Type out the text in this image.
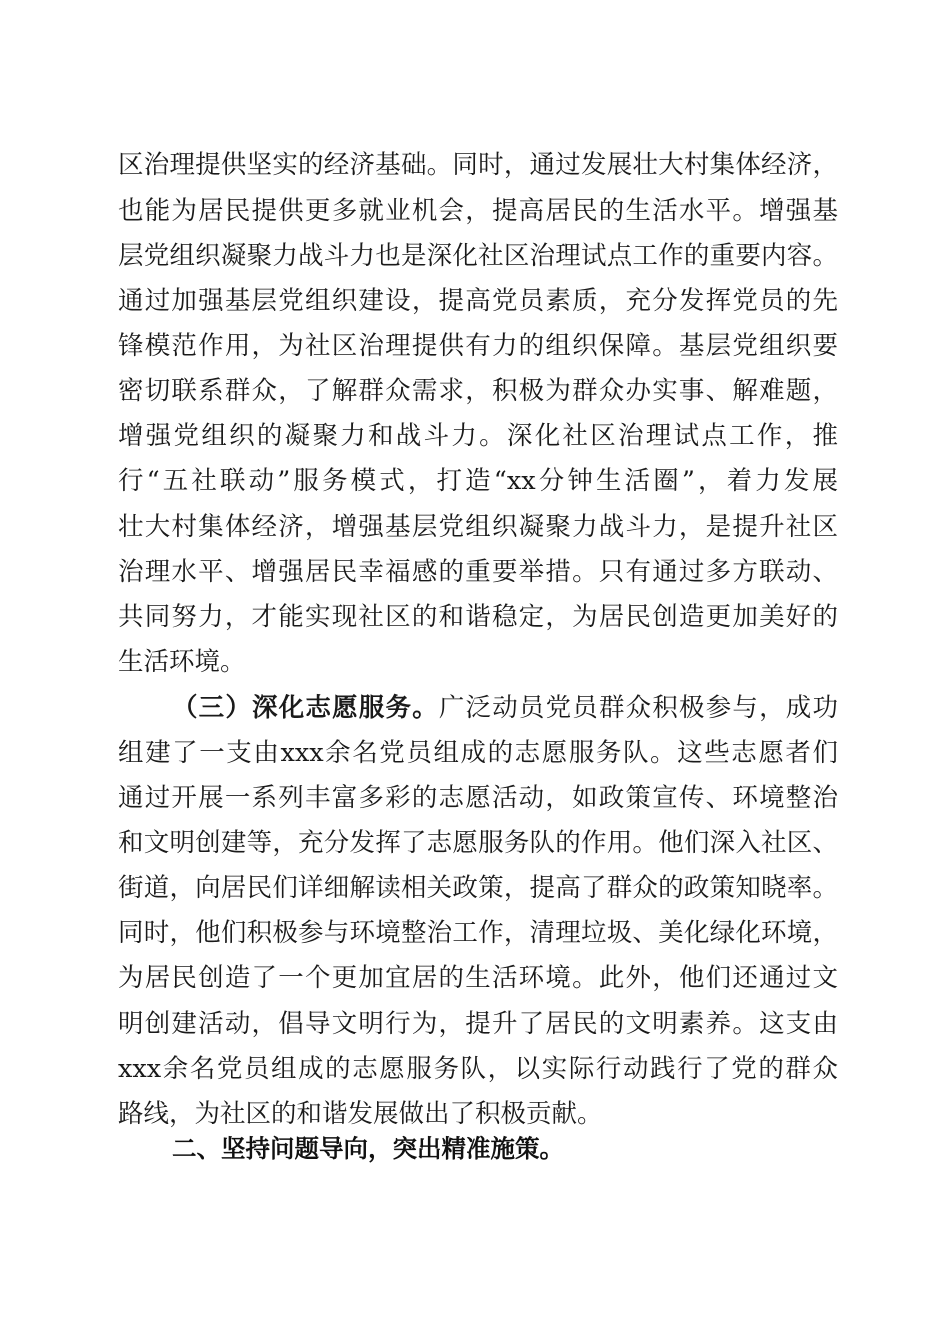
区治理提供坚实的经济基础。同时，通过发展壮大村集体经济，
也能为居民提供更多就业机会，提高居民的生活水平。增强基
层党组织凝聚力战斗力也是深化社区治理试点工作的重要内容。
通过加强基层党组织建设，提高党员素质，充分发挥党员的先
锋模范作用，为社区治理提供有力的组织保障。基层党组织要
密切联系群众，了解群众需求，积极为群众办实事、解难题，
增强党组织的凝聚力和战斗力。深化社区治理试点工作，推
行“五社联动”服务模式，打造“xx分钟生活圈”，着力发展
壮大村集体经济，增强基层党组织凝聚力战斗力，是提升社区
治理水平、增强居民幸福感的重要举措。只有通过多方联动、
共同努力，才能实现社区的和谐稳定，为居民创造更加美好的
生活环境。
（三）深化志愿服务。广泛动员党员群众积极参与，成功
组建了一支由xxx余名党员组成的志愿服务队。这些志愿者们
通过开展一系列丰富多彩的志愿活动，如政策宣传、环境整治
和文明创建等，充分发挥了志愿服务队的作用。他们深入社区、
街道，向居民们详细解读相关政策，提高了群众的政策知晓率。
同时，他们积极参与环境整治工作，清理垃圾、美化绿化环境，
为居民创造了一个更加宜居的生活环境。此外，他们还通过文
明创建活动，倡导文明行为，提升了居民的文明素养。这支由
xxx余名党员组成的志愿服务队，以实际行动践行了党的群众
路线，为社区的和谐发展做出了积极贡献。
二、坚持问题导向，突出精准施策。
